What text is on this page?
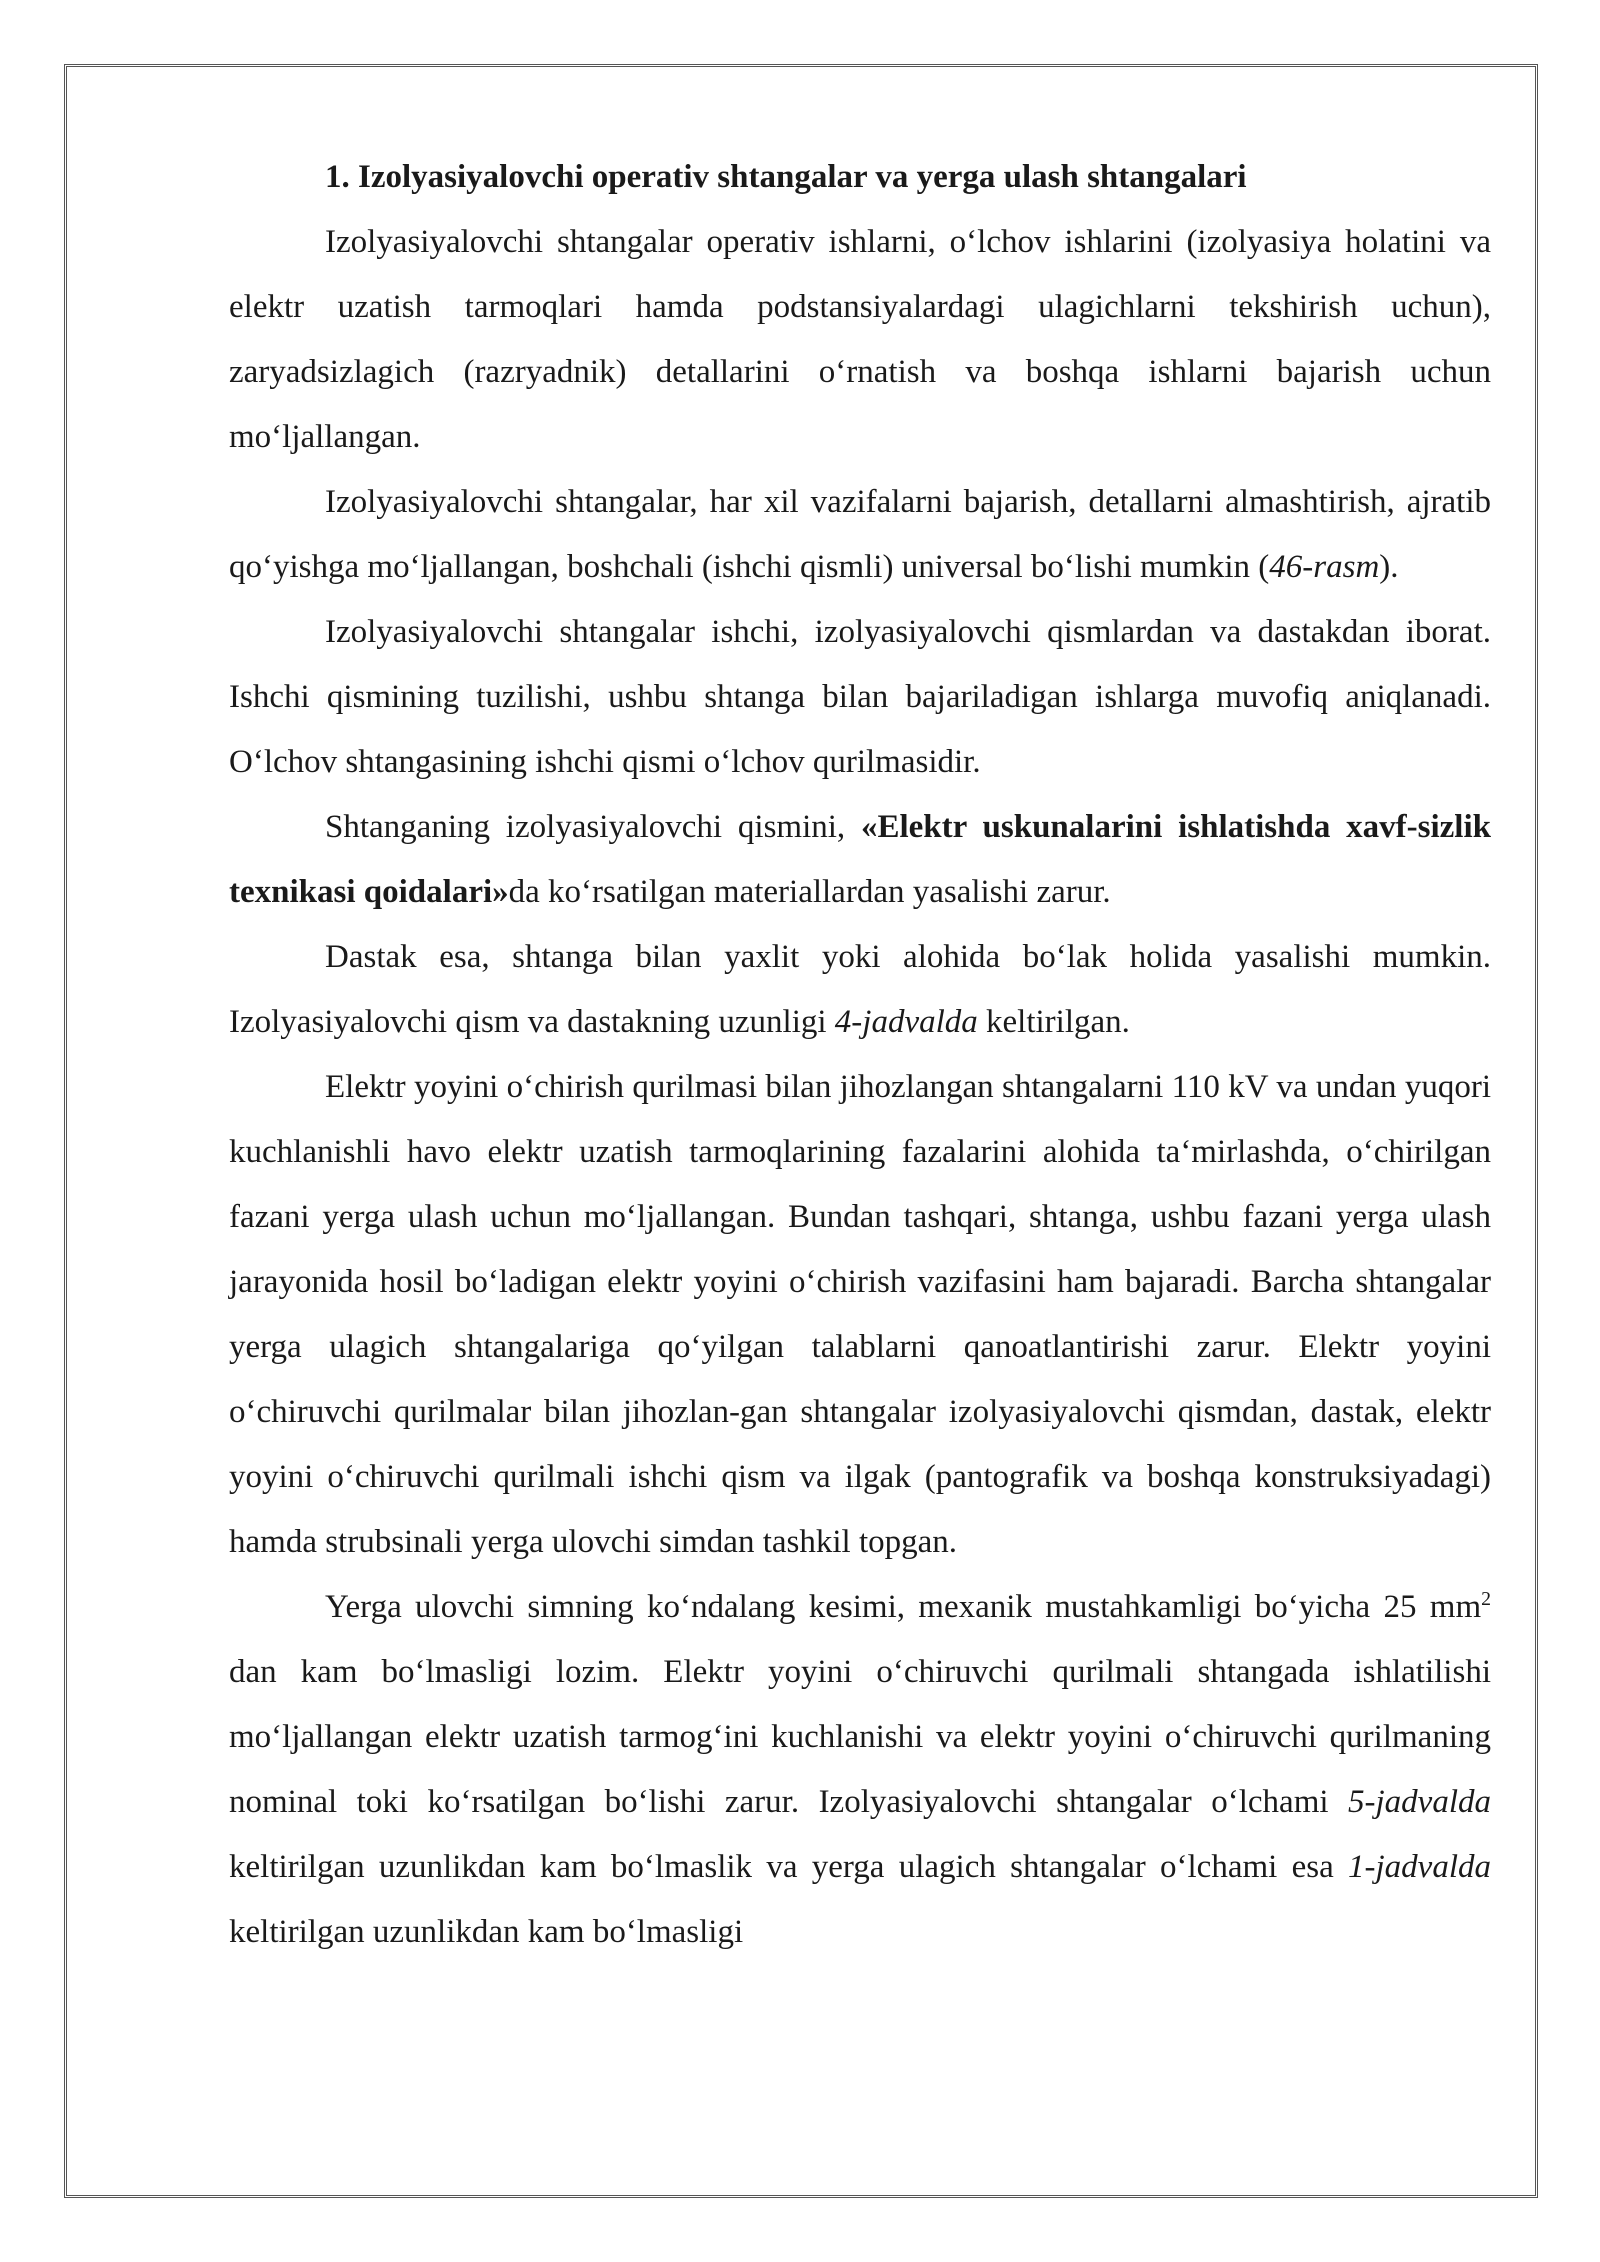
1. Izolyasiyalovchi operativ shtangalar va yerga ulash shtangalari

Izolyasiyalovchi shtangalar operativ ishlarni, o‘lchov ishlarini (izolyasiya holatini va elektr uzatish tarmoqlari hamda podstansiyalardagi ulagichlarni tekshirish uchun), zaryadsizlagich (razryadnik) detallarini o‘rnatish va boshqa ishlarni bajarish uchun mo‘ljallangan.

Izolyasiyalovchi shtangalar, har xil vazifalarni bajarish, detallarni almashtirish, ajratib qo‘yishga mo‘ljallangan, boshchali (ishchi qismli) universal bo‘lishi mumkin (46-rasm).

Izolyasiyalovchi shtangalar ishchi, izolyasiyalovchi qismlardan va dastakdan iborat. Ishchi qismining tuzilishi, ushbu shtanga bilan bajariladigan ishlarga muvofiq aniqlanadi. O‘lchov shtangasining ishchi qismi o‘lchov qurilmasidir.

Shtanganing izolyasiyalovchi qismini, «Elektr uskunalarini ishlatishda xavf-sizlik texnikasi qoidalari»da ko‘rsatilgan materiallardan yasalishi zarur.

Dastak esa, shtanga bilan yaxlit yoki alohida bo‘lak holida yasalishi mumkin. Izolyasiyalovchi qism va dastakning uzunligi 4-jadvalda keltirilgan.

Elektr yoyini o‘chirish qurilmasi bilan jihozlangan shtangalarni 110 kV va undan yuqori kuchlanishli havo elektr uzatish tarmoqlarining fazalarini alohida ta‘mirlashda, o‘chirilgan fazani yerga ulash uchun mo‘ljallangan. Bundan tashqari, shtanga, ushbu fazani yerga ulash jarayonida hosil bo‘ladigan elektr yoyini o‘chirish vazifasini ham bajaradi. Barcha shtangalar yerga ulagich shtangalariga qo‘yilgan talablarni qanoatlantirishi zarur. Elektr yoyini o‘chiruvchi qurilmalar bilan jihozlan-gan shtangalar izolyasiyalovchi qismdan, dastak, elektr yoyini o‘chiruvchi qurilmali ishchi qism va ilgak (pantografik va boshqa konstruksiyadagi) hamda strubsinali yerga ulovchi simdan tashkil topgan.

Yerga ulovchi simning ko‘ndalang kesimi, mexanik mustahkamligi bo‘yicha 25 $mm^2$ dan kam bo‘lmasligi lozim. Elektr yoyini o‘chiruvchi qurilmali shtangada ishlatilishi mo‘ljallangan elektr uzatish tarmog‘ini kuchlanishi va elektr yoyini o‘chiruvchi qurilmaning nominal toki ko‘rsatilgan bo‘lishi zarur. Izolyasiyalovchi shtangalar o‘lchami 5-jadvalda keltirilgan uzunlikdan kam bo‘lmaslik va yerga ulagich shtangalar o‘lchami esa 1-jadvalda keltirilgan uzunlikdan kam bo‘lmasligi
